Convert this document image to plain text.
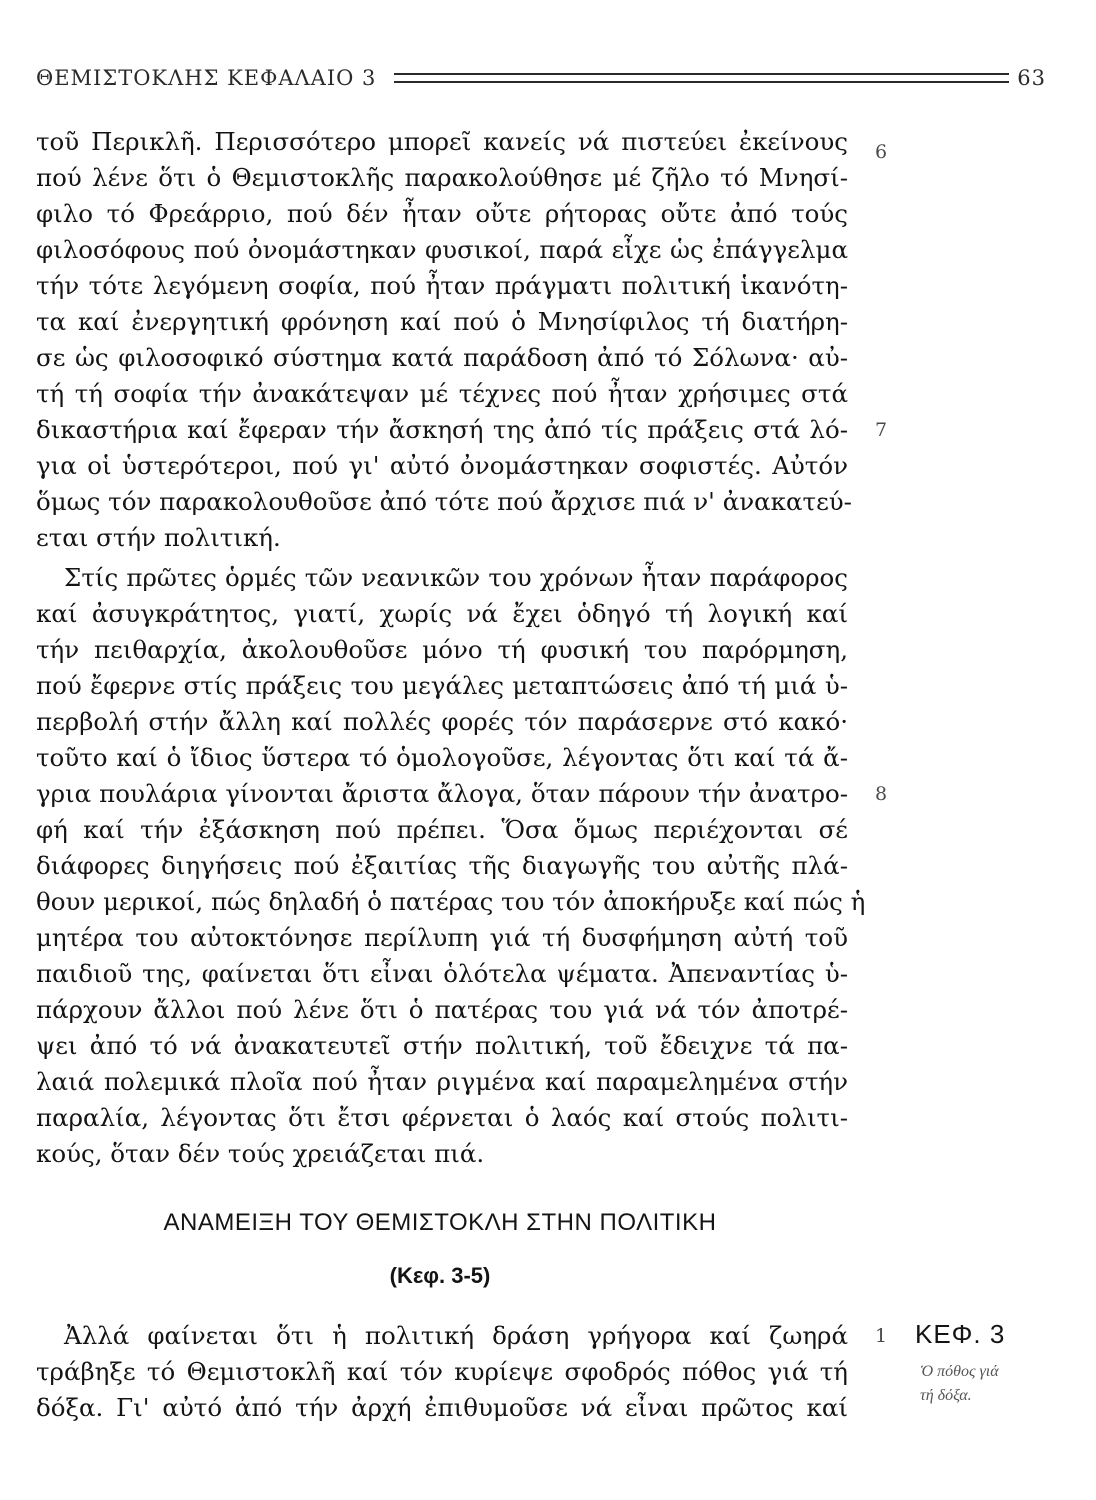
ΘΕΜΙΣΤΟΚΛΗΣ ΚΕΦΑΛΑΙΟ 3	63
τοῦ Περικλῆ. Περισσότερο μπορεῖ κανείς νά πιστεύει ἐκείνους
πού λένε ὅτι ὁ Θεμιστοκλῆς παρακολούθησε μέ ζῆλο τό Μνησί-
φιλο τό Φρεάρριο, πού δέν ἦταν οὔτε ρήτορας οὔτε ἀπό τούς
φιλοσόφους πού ὀνομάστηκαν φυσικοί, παρά εἶχε ὡς ἐπάγγελμα
τήν τότε λεγόμενη σοφία, πού ἦταν πράγματι πολιτική ἱκανότη-
τα καί ἐνεργητική φρόνηση καί πού ὁ Μνησίφιλος τή διατήρη-
σε ὡς φιλοσοφικό σύστημα κατά παράδοση ἀπό τό Σόλωνα· αὐ-
τή τή σοφία τήν ἀνακάτεψαν μέ τέχνες πού ἦταν χρήσιμες στά
δικαστήρια καί ἔφεραν τήν ἄσκησή της ἀπό τίς πράξεις στά λό-
για οἱ ὑστερότεροι, πού γι' αὐτό ὀνομάστηκαν σοφιστές. Αὐτόν
ὅμως τόν παρακολουθοῦσε ἀπό τότε πού ἄρχισε πιά ν' ἀνακατεύ-
εται στήν πολιτική.
Στίς πρῶτες ὁρμές τῶν νεανικῶν του χρόνων ἦταν παράφορος
καί ἀσυγκράτητος, γιατί, χωρίς νά ἔχει ὁδηγό τή λογική καί
τήν πειθαρχία, ἀκολουθοῦσε μόνο τή φυσική του παρόρμηση,
πού ἔφερνε στίς πράξεις του μεγάλες μεταπτώσεις ἀπό τή μιά ὑ-
περβολή στήν ἄλλη καί πολλές φορές τόν παράσερνε στό κακό·
τοῦτο καί ὁ ἴδιος ὕστερα τό ὁμολογοῦσε, λέγοντας ὅτι καί τά ἄ-
γρια πουλάρια γίνονται ἄριστα ἄλογα, ὅταν πάρουν τήν ἀνατρο-
φή καί τήν ἐξάσκηση πού πρέπει. Ὅσα ὅμως περιέχονται σέ
διάφορες διηγήσεις πού ἐξαιτίας τῆς διαγωγῆς του αὐτῆς πλά-
θουν μερικοί, πώς δηλαδή ὁ πατέρας του τόν ἀποκήρυξε καί πώς ἡ
μητέρα του αὐτοκτόνησε περίλυπη γιά τή δυσφήμηση αὐτή τοῦ
παιδιοῦ της, φαίνεται ὅτι εἶναι ὁλότελα ψέματα. Ἀπεναντίας ὑ-
πάρχουν ἄλλοι πού λένε ὅτι ὁ πατέρας του γιά νά τόν ἀποτρέ-
ψει ἀπό τό νά ἀνακατευτεῖ στήν πολιτική, τοῦ ἔδειχνε τά πα-
λαιά πολεμικά πλοῖα πού ἦταν ριγμένα καί παραμελημένα στήν
παραλία, λέγοντας ὅτι ἔτσι φέρνεται ὁ λαός καί στούς πολιτι-
κούς, ὅταν δέν τούς χρειάζεται πιά.
ΑΝΑΜΕΙΞΗ ΤΟΥ ΘΕΜΙΣΤΟΚΛΗ ΣΤΗΝ ΠΟΛΙΤΙΚΗ
(Κεφ. 3-5)
Ἀλλά φαίνεται ὅτι ἡ πολιτική δράση γρήγορα καί ζωηρά
τράβηξε τό Θεμιστοκλῆ καί τόν κυρίεψε σφοδρός πόθος γιά τή
δόξα. Γι' αὐτό ἀπό τήν ἀρχή ἐπιθυμοῦσε νά εἶναι πρῶτος καί
6
7
8
1	ΚΕΦ. 3
Ὁ πόθος γιά
τή δόξα.
